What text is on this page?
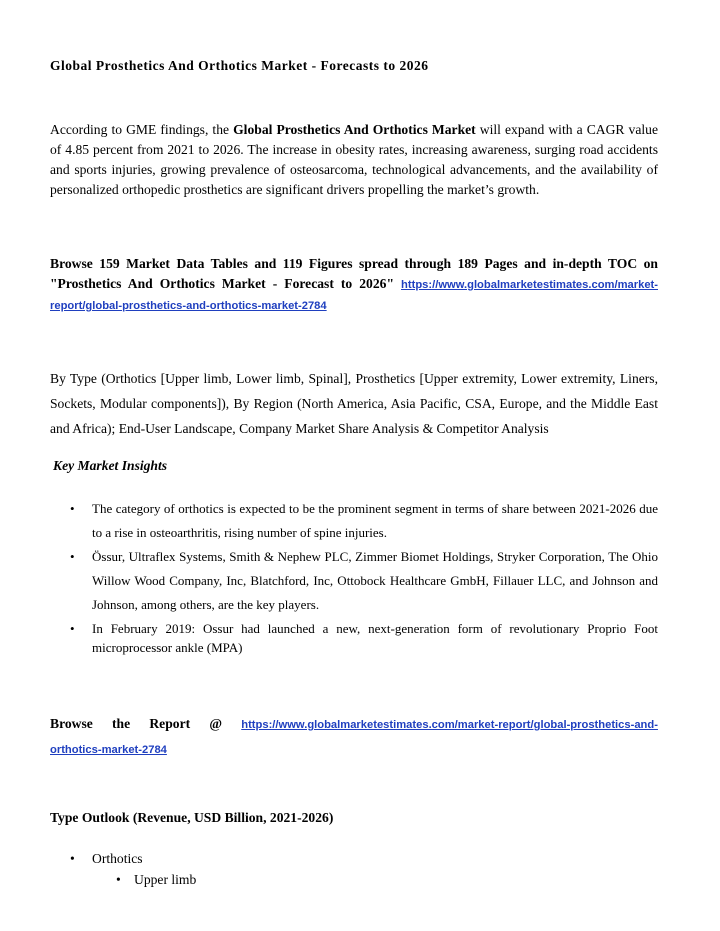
Global Prosthetics And Orthotics Market - Forecasts to 2026
According to GME findings, the Global Prosthetics And Orthotics Market will expand with a CAGR value of 4.85 percent from 2021 to 2026. The increase in obesity rates, increasing awareness, surging road accidents and sports injuries, growing prevalence of osteosarcoma, technological advancements, and the availability of personalized orthopedic prosthetics are significant drivers propelling the market’s growth.
Browse 159 Market Data Tables and 119 Figures spread through 189 Pages and in-depth TOC on "Prosthetics And Orthotics Market - Forecast to 2026" https://www.globalmarketestimates.com/market-report/global-prosthetics-and-orthotics-market-2784
By Type (Orthotics [Upper limb, Lower limb, Spinal], Prosthetics [Upper extremity, Lower extremity, Liners, Sockets, Modular components]), By Region (North America, Asia Pacific, CSA, Europe, and the Middle East and Africa); End-User Landscape, Company Market Share Analysis & Competitor Analysis
Key Market Insights
• The category of orthotics is expected to be the prominent segment in terms of share between 2021-2026 due to a rise in osteoarthritis, rising number of spine injuries.
• Össur, Ultraflex Systems, Smith & Nephew PLC, Zimmer Biomet Holdings, Stryker Corporation, The Ohio Willow Wood Company, Inc, Blatchford, Inc, Ottobock Healthcare GmbH, Fillauer LLC, and Johnson and Johnson, among others, are the key players.
• In February 2019: Ossur had launched a new, next-generation form of revolutionary Proprio Foot microprocessor ankle (MPA)
Browse the Report @ https://www.globalmarketestimates.com/market-report/global-prosthetics-and-
orthotics-market-2784
Type Outlook (Revenue, USD Billion, 2021-2026)
• Orthotics
• Upper limb
